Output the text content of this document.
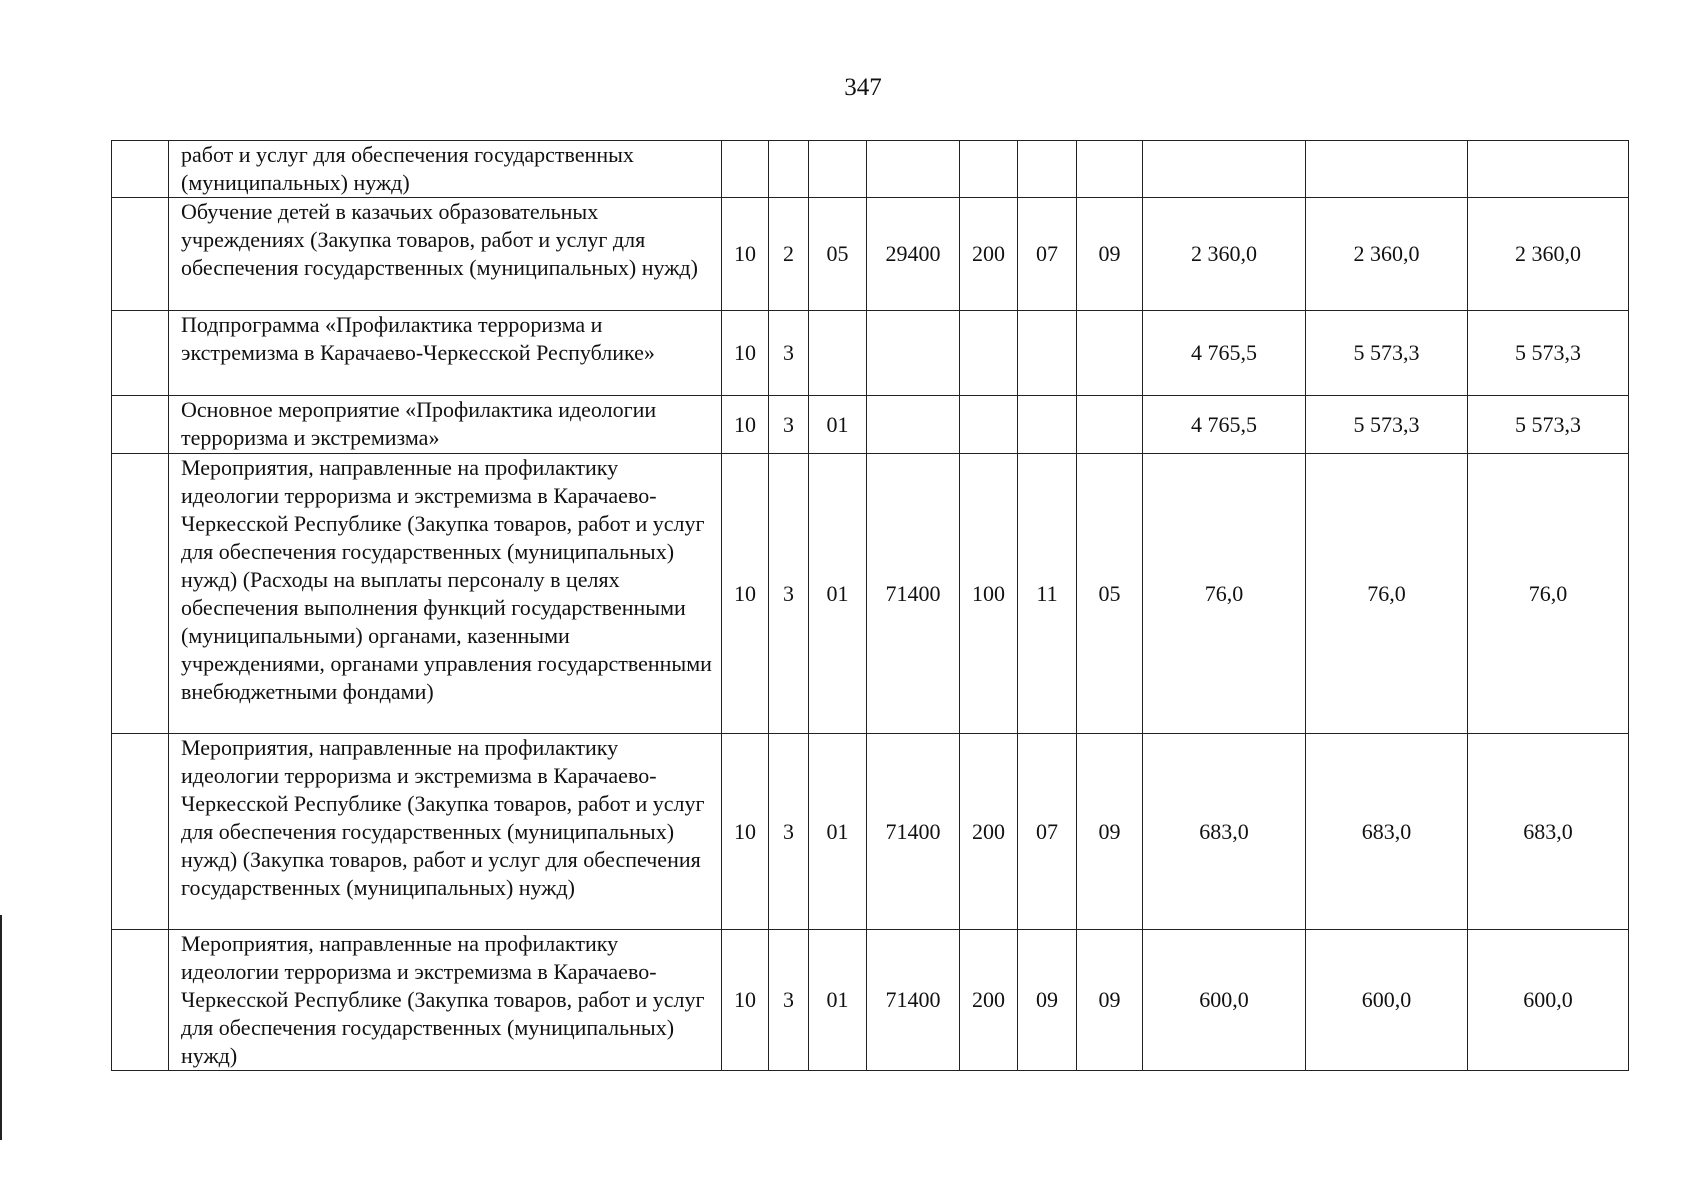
347
	работ и услуг для обеспечения государственных (муниципальных) нужд)										
	Обучение детей в казачьих образовательных учреждениях (Закупка товаров, работ и услуг для обеспечения государственных (муниципальных) нужд)	10	2	05	29400	200	07	09	2 360,0	2 360,0	2 360,0
	Подпрограмма «Профилактика терроризма и экстремизма в Карачаево-Черкесской Республике»	10	3						4 765,5	5 573,3	5 573,3
	Основное мероприятие «Профилактика идеологии терроризма и экстремизма»	10	3	01					4 765,5	5 573,3	5 573,3
	Мероприятия, направленные на профилактику идеологии терроризма и экстремизма в Карачаево-Черкесской Республике (Закупка товаров, работ и услуг для обеспечения государственных (муниципальных) нужд) (Расходы на выплаты персоналу в целях обеспечения выполнения функций государственными (муниципальными) органами, казенными учреждениями, органами управления государственными внебюджетными фондами)	10	3	01	71400	100	11	05	76,0	76,0	76,0
	Мероприятия, направленные на профилактику идеологии терроризма и экстремизма в Карачаево-Черкесской Республике (Закупка товаров, работ и услуг для обеспечения государственных (муниципальных) нужд) (Закупка товаров, работ и услуг для обеспечения государственных (муниципальных) нужд)	10	3	01	71400	200	07	09	683,0	683,0	683,0
	Мероприятия, направленные на профилактику идеологии терроризма и экстремизма в Карачаево-Черкесской Республике (Закупка товаров, работ и услуг для обеспечения государственных (муниципальных) нужд)	10	3	01	71400	200	09	09	600,0	600,0	600,0
